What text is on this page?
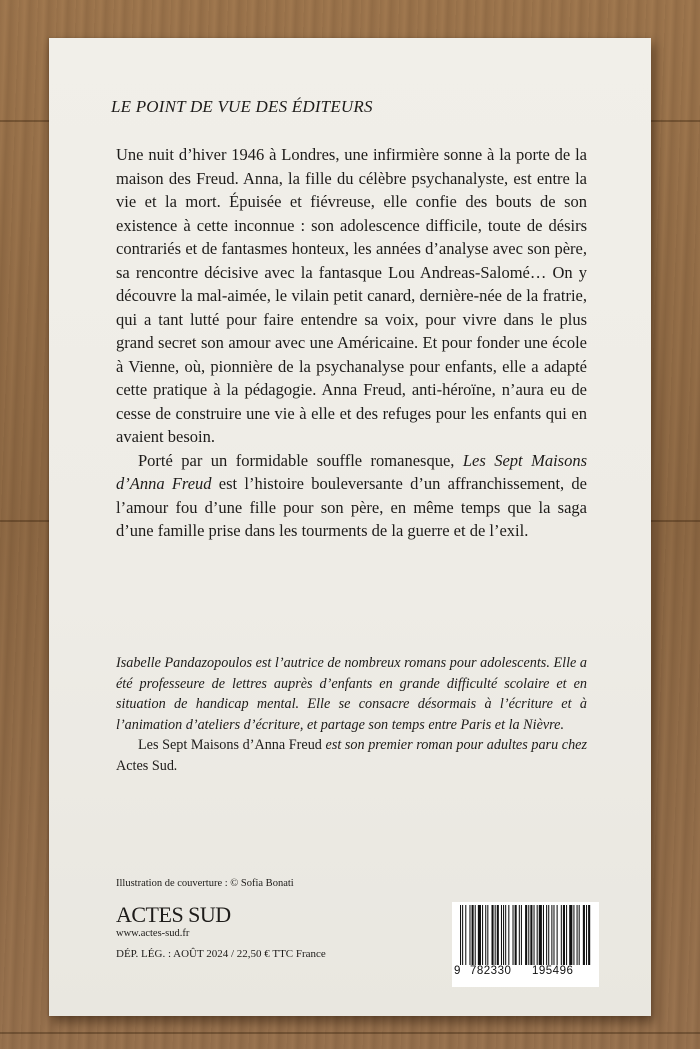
LE POINT DE VUE DES ÉDITEURS

Une nuit d’hiver 1946 à Londres, une infirmière sonne à la porte de la maison des Freud. Anna, la fille du célèbre psychanalyste, est entre la vie et la mort. Épuisée et fiévreuse, elle confie des bouts de son existence à cette inconnue : son adolescence difficile, toute de désirs contrariés et de fantasmes honteux, les années d’analyse avec son père, sa rencontre décisive avec la fantasque Lou Andreas-Salomé… On y découvre la mal-aimée, le vilain petit canard, dernière-née de la fratrie, qui a tant lutté pour faire entendre sa voix, pour vivre dans le plus grand secret son amour avec une Américaine. Et pour fonder une école à Vienne, où, pionnière de la psychanalyse pour enfants, elle a adapté cette pratique à la pédagogie. Anna Freud, anti-héroïne, n’aura eu de cesse de construire une vie à elle et des refuges pour les enfants qui en avaient besoin.

Porté par un formidable souffle romanesque, Les Sept Maisons d’Anna Freud est l’histoire bouleversante d’un affranchissement, de l’amour fou d’une fille pour son père, en même temps que la saga d’une famille prise dans les tourments de la guerre et de l’exil.

Isabelle Pandazopoulos est l’autrice de nombreux romans pour adolescents. Elle a été professeure de lettres auprès d’enfants en grande difficulté scolaire et en situation de handicap mental. Elle se consacre désormais à l’écriture et à l’animation d’ateliers d’écriture, et partage son temps entre Paris et la Nièvre.

Les Sept Maisons d’Anna Freud est son premier roman pour adultes paru chez Actes Sud.

Illustration de couverture : © Sofia Bonati
ACTES SUD
www.actes-sud.fr
DÉP. LÉG. : AOÛT 2024 / 22,50 € TTC France
9 782330 195496
